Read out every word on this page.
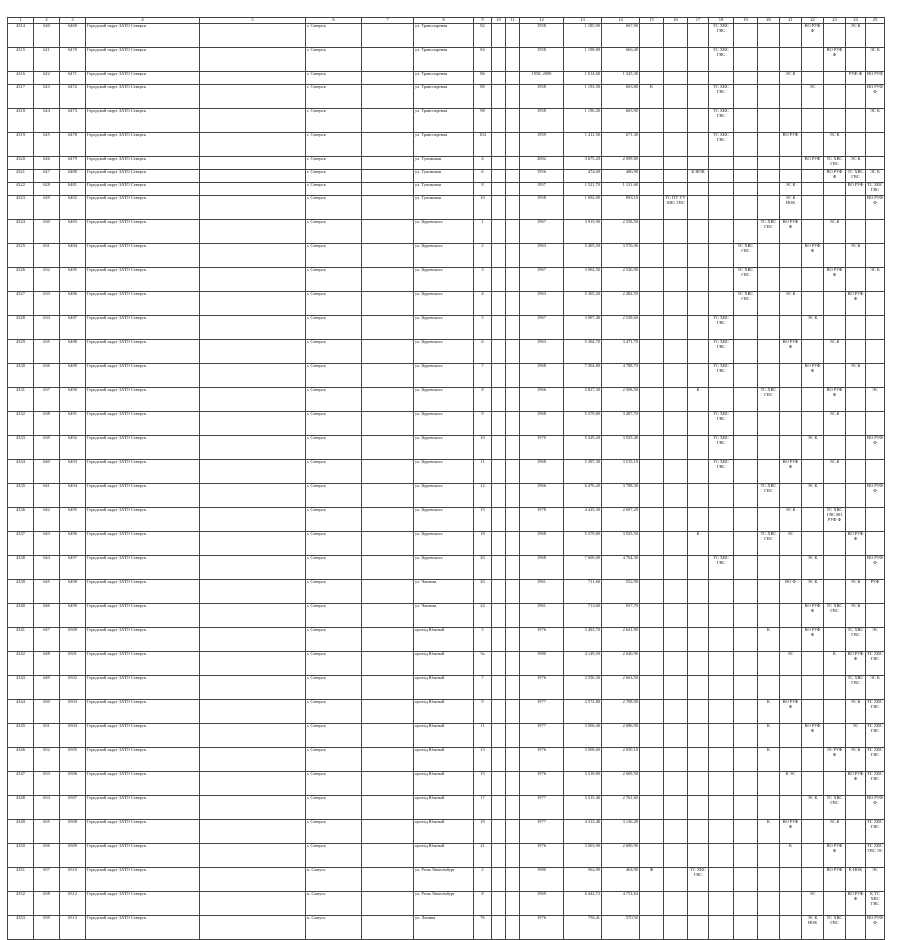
1	2	3	4	5	6	7	8	9	10	11	12	13	14	15	16	17	18	19	20	21	22	23	24	25
4314	620	6469	Городской округ ЗАТО Северск		г. Северск		ул. Транспортная	82			1958	1 185,90	667,90				ТС ХВС ГВС				ВО РУФ Ф		ЭС К	
4315	621	6470	Городской округ ЗАТО Северск		г. Северск		ул. Транспортная	84			1958	1 198,80	666,40				ТС ХВС ГВС					ВО РУФ Ф		ЭС К
4316	622	6471	Городской округ ЗАТО Северск		г. Северск		ул. Транспортная	86			1958, 2009	1 014,60	1 325,30							ЭС К			РУФ Ф	ВО РУФ
4317	623	6472	Городской округ ЗАТО Северск		г. Северск		ул. Транспортная	88			1958	1 193,50	663,80	К			ТС ХВС ГВС				ЭС			ВО РУФ Ф
4318	624	6473	Городской округ ЗАТО Северск		г. Северск		ул. Транспортная	98			1958	1 196,20	665,90				ТС ХВС ГВС							ЭС К
4319	625	6478	Городской округ ЗАТО Северск		г. Северск		ул. Транспортная	104			1959	1 211,50	671,30				ТС ХВС ГВС			ВО РУФ		ЭС К		
4320	626	6479	Городской округ ЗАТО Северск		г. Северск		ул. Тупиковая	4			2002	3 675,20	2 099,80								ВО РУФ	ТС ХВС ГВС	ЭС К	
4321	627	6480	Городской округ ЗАТО Северск		г. Северск		ул. Тупиковая	6			1956	474,00	486,90			К НОК						ВО РУФ Ф	ТС ХВС ГВС	ЭС К
4322	628	6481	Городской округ ЗАТО Северск		г. Северск		ул. Тупиковая	8			1957	1 521,70	1 121,60							ЭС К			ВО РУФ	ТС ХВС ГВС
4323	629	6482	Городской округ ЗАТО Северск		г. Северск		ул. Тупиковая	10			1958	1 692,00	893,10		ТС ПУ УУ ХВС ГВС					ЭС К НОК				ВО РУФ Ф
4324	630	6483	Городской округ ЗАТО Северск		г. Северск		ул. Царевского	1			1967	3 915,90	2 558,50						ТС ХВС ГВС	ВО РУФ Ф		ЭС К		
4325	631	6484	Городской округ ЗАТО Северск		г. Северск		ул. Царевского	2			1963	5 405,50	3 576,06					ТС ХВС ГВС			ВО РУФ Ф		ЭС К	
4326	632	6485	Городской округ ЗАТО Северск		г. Северск		ул. Царевского	3			1967	3 902,50	2 526,00					ТС ХВС ГВС				ВО РУФ Ф		ЭС К
4327	633	6486	Городской округ ЗАТО Северск		г. Северск		ул. Царевского	4			1963	5 365,20	2 482,50					ТС ХВС ГВС		ЭС К			ВО РУФ Ф	
4328	634	6487	Городской округ ЗАТО Северск		г. Северск		ул. Царевского	5			1967	3 907,40	2 528,60				ТС ХВС ГВС				ЭС К			
4329	635	6488	Городской округ ЗАТО Северск		г. Северск		ул. Царевского	6			1963	5 304,70	3 471,70				ТС ХВС ГВС			ВО РУФ Ф		ЭС К		
4330	636	6489	Городской округ ЗАТО Северск		г. Северск		ул. Царевского	7			1968	7 504,80	4 788,70				ТС ХВС ГВС				ВО РУФ Ф		ЭС К	
4331	637	6490	Городской округ ЗАТО Северск		г. Северск		ул. Царевского	8			1966	3 827,30	2 508,50			К			ТС ХВС ГВС			ВО РУФ Ф		ЭС
4332	638	6491	Городской округ ЗАТО Северск		г. Северск		ул. Царевского	9			1968	5 379,80	3 487,70				ТС ХВС ГВС					ЭС К		
4333	639	6492	Городской округ ЗАТО Северск		г. Северск		ул. Царевского	10			1970	5 329,20	3 925,40				ТС ХВС ГВС				ЭС К			ВО РУФ Ф
4334	640	6493	Городской округ ЗАТО Северск		г. Северск		ул. Царевского	11			1968	5 397,30	3 515,10				ТС ХВС ГВС			ВО РУФ Ф		ЭС К		
4335	641	6494	Городской округ ЗАТО Северск		г. Северск		ул. Царевского	12			1966	6 476,20	3 788,30						ТС ХВС ГВС		ЭС К			ВО РУФ Ф
4336	642	6495	Городской округ ЗАТО Северск		г. Северск		ул. Царевского	15			1978	4 425,30	2 697,20							ЭС К		ТС ХВС ГВС ВО РУФ Ф		
4337	643	6496	Городской округ ЗАТО Северск		г. Северск		ул. Царевского	18			1968	5 379,80	3 925,50			К			ТС ХВС ГВС	ЭС			ВО РУФ Ф	
4338	644	6497	Городской округ ЗАТО Северск		г. Северск		ул. Царевского	20			1968	7 600,00	4 764,30				ТС ХВС ГВС				ЭС К			ВО РУФ Ф
4339	645	6498	Городской округ ЗАТО Северск		г. Северск		ул. Чапаева	20			1961	711,60	552,90							ВО Ф	ЭС К		ЭС К	РУФ
4340	646	6499	Городской округ ЗАТО Северск		г. Северск		ул. Чапаева	24			1961	713,60	657,70								ВО РУФ Ф	ТС ХВС ГВС	ЭС К	
4341	647	6500	Городской округ ЗАТО Северск		г. Северск		проезд Южный	5			1976	3 493,70	2 641,90						К		ВО РУФ Ф		ТС ХВС ГВС	ЭС
4342	648	6501	Городской округ ЗАТО Северск		г. Северск		проезд Южный	5а			1980	4 149,50	2 040,90							ЭС		К	ВО РУФ Ф	ТС ХВС ГВС
4343	649	6502	Городской округ ЗАТО Северск		г. Северск		проезд Южный	7			1976	3 556,30	2 663,50										ТС ХВС ГВС	ЭС К
4344	650	6503	Городской округ ЗАТО Северск		г. Северск		проезд Южный	9			1977	3 572,80	2 708,00						К	ВО РУФ Ф			ЭС К	ТС ХВС ГВС
4345	651	6504	Городской округ ЗАТО Северск		г. Северск		проезд Южный	11			1977	3 506,40	2 686,00						К		ВО РУФ Ф		ЭС	ТС ХВС ГВС
4346	652	6505	Городской округ ЗАТО Северск		г. Северск		проезд Южный	13			1976	3 508,60	2 650,10						К			ЭС РУФ Ф	ЭС К	ТС ХВС ГВС
4347	653	6506	Городской округ ЗАТО Северск		г. Северск		проезд Южный	15			1976	3 518,80	2 609,50							К ЭС			ВО РУФ Ф	ТС ХВС ГВС
4348	654	6507	Городской округ ЗАТО Северск		г. Северск		проезд Южный	17			1977	3 515,40	2 761,60								ЭС К	ТС ХВС ГВС		ВО РУФ Ф
4349	655	6508	Городской округ ЗАТО Северск		г. Северск		проезд Южный	19			1977	4 312,40	3 136,20						К	ВО РУФ Ф		ЭС К		ТС ХВС ГВС
4350	656	6509	Городской округ ЗАТО Северск		г. Северск		проезд Южный	21			1976	3 563,90	2 690,90							К		ВО РУФ Ф		ТС ХВС ГВС ЭС
4351	657	6510	Городской округ ЗАТО Северск		п. Самусь		ул. Розы Люксембург	2			1980	562,90	464,90	Ф		ТС ХВС ГВС						ВО РУФ	К НОК	ЭС
4352	658	6512	Городской округ ЗАТО Северск		п. Самусь		ул. Розы Люксембург	8			1969	6 442,73	4 753,64								ЭС		ВО РУФ Ф	К ТС ХВС ГВС
4353	659	6513	Городской округ ЗАТО Северск		п. Самусь		ул. Ленина	76			1976	756,41	570,50								ЭС К НОК	ТС ХВС ГВС		ВО РУФ Ф
